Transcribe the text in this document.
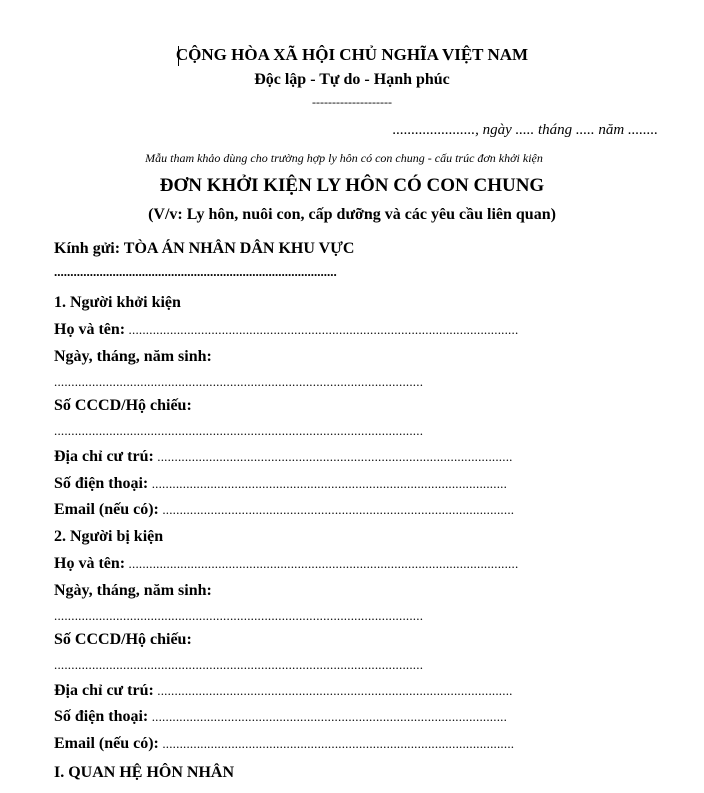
CỘNG HÒA XÃ HỘI CHỦ NGHĨA VIỆT NAM
Độc lập - Tự do - Hạnh phúc
--------------------
......................, ngày ..... tháng ..... năm ........
Mẫu tham khảo dùng cho trường hợp ly hôn có con chung - cấu trúc đơn khởi kiện
ĐƠN KHỞI KIỆN LY HÔN CÓ CON CHUNG
(V/v: Ly hôn, nuôi con, cấp dưỡng và các yêu cầu liên quan)
Kính gửi: TÒA ÁN NHÂN DÂN KHU VỰC
.......................................................................................
1. Người khởi kiện
Họ và tên: .................................................................................................................
Ngày, tháng, năm sinh:
...........................................................................................................
Số CCCD/Hộ chiếu:
...........................................................................................................
Địa chỉ cư trú: .......................................................................................................
Số điện thoại: .......................................................................................................
Email (nếu có): ......................................................................................................
2. Người bị kiện
Họ và tên: .................................................................................................................
Ngày, tháng, năm sinh:
...........................................................................................................
Số CCCD/Hộ chiếu:
...........................................................................................................
Địa chỉ cư trú: .......................................................................................................
Số điện thoại: .......................................................................................................
Email (nếu có): ......................................................................................................
I. QUAN HỆ HÔN NHÂN
